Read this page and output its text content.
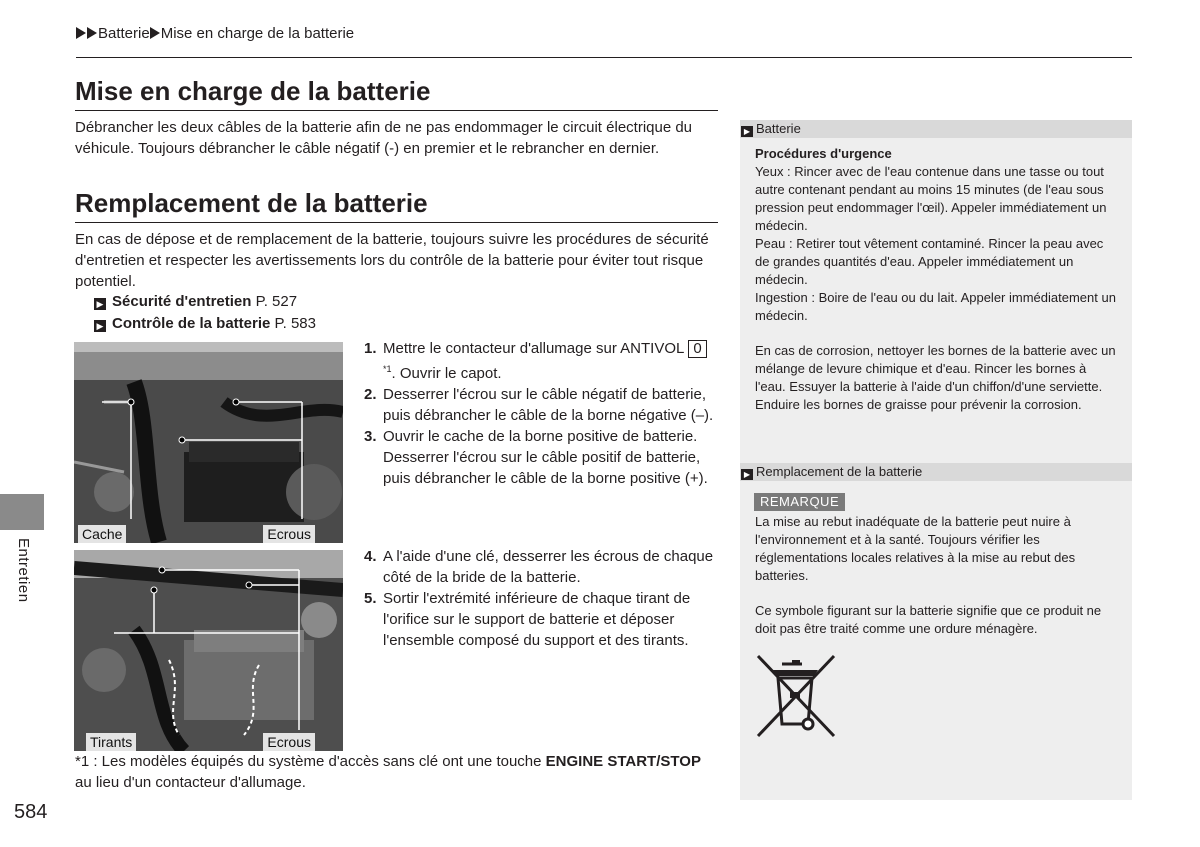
Batterie Mise en charge de la batterie
Mise en charge de la batterie
Débrancher les deux câbles de la batterie afin de ne pas endommager le circuit électrique du véhicule. Toujours débrancher le câble négatif (-) en premier et le rebrancher en dernier.
Remplacement de la batterie
En cas de dépose et de remplacement de la batterie, toujours suivre les procédures de sécurité d'entretien et respecter les avertissements lors du contrôle de la batterie pour éviter tout risque potentiel.
▶ Sécurité d'entretien P. 527
▶ Contrôle de la batterie P. 583
Cache	Ecrous
Tirants	Ecrous
1. Mettre le contacteur d'allumage sur ANTIVOL 0$^{*1}$. Ouvrir le capot.
2. Desserrer l'écrou sur le câble négatif de batterie, puis débrancher le câble de la borne négative (–).
3. Ouvrir le cache de la borne positive de batterie. Desserrer l'écrou sur le câble positif de batterie, puis débrancher le câble de la borne positive (+).
4. A l'aide d'une clé, desserrer les écrous de chaque côté de la bride de la batterie.
5. Sortir l'extrémité inférieure de chaque tirant de l'orifice sur le support de batterie et déposer l'ensemble composé du support et des tirants.
*1 : Les modèles équipés du système d'accès sans clé ont une touche ENGINE START/STOP
au lieu d'un contacteur d'allumage.
Entretien
584
▶ Batterie
Procédures d'urgence
Yeux : Rincer avec de l'eau contenue dans une tasse ou tout autre contenant pendant au moins 15 minutes (de l'eau sous pression peut endommager l'œil). Appeler immédiatement un médecin.
Peau : Retirer tout vêtement contaminé. Rincer la peau avec de grandes quantités d'eau. Appeler immédiatement un médecin.
Ingestion : Boire de l'eau ou du lait. Appeler immédiatement un médecin.
En cas de corrosion, nettoyer les bornes de la batterie avec un mélange de levure chimique et d'eau. Rincer les bornes à l'eau. Essuyer la batterie à l'aide d'un chiffon/d'une serviette. Enduire les bornes de graisse pour prévenir la corrosion.
▶ Remplacement de la batterie
REMARQUE
La mise au rebut inadéquate de la batterie peut nuire à l'environnement et à la santé. Toujours vérifier les réglementations locales relatives à la mise au rebut des batteries.
Ce symbole figurant sur la batterie signifie que ce produit ne doit pas être traité comme une ordure ménagère.
